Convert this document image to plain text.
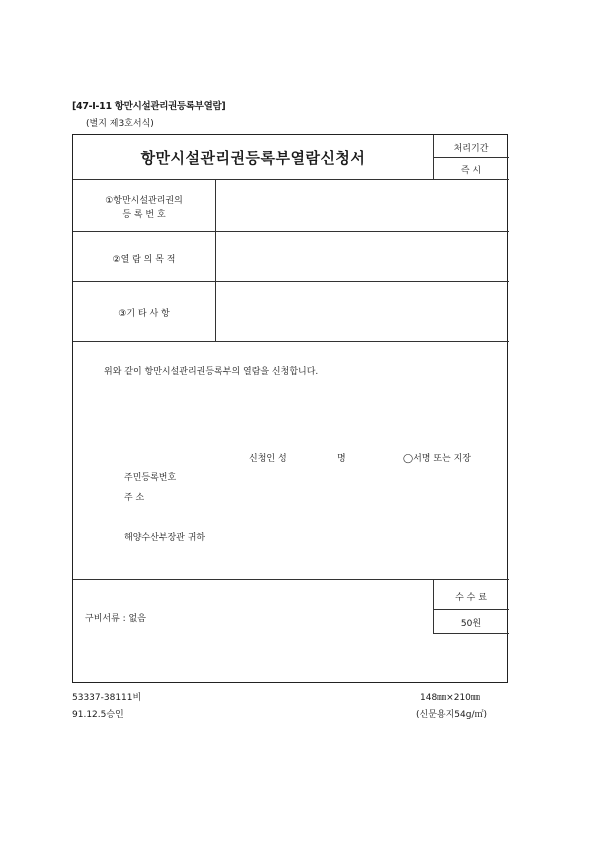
[47-Ⅰ-11 항만시설관리권등록부열람]
(별지 제3호서식)
항만시설관리권등록부열람신청서	처리기간
즉 시
①항만시설관리권의
등 록 번 호
②열 람 의 목 적
③기 타 사 항
위와 같이 항만시설관리권등록부의 열람을 신청합니다.
신청인 성	명	◯서명 또는 지장
주민등록번호
주 소
해양수산부장관 귀하
구비서류 : 없음
수 수 료
50원
53337-38111비
91.12.5승인
148㎜×210㎜
(신문용지54g/㎡)
